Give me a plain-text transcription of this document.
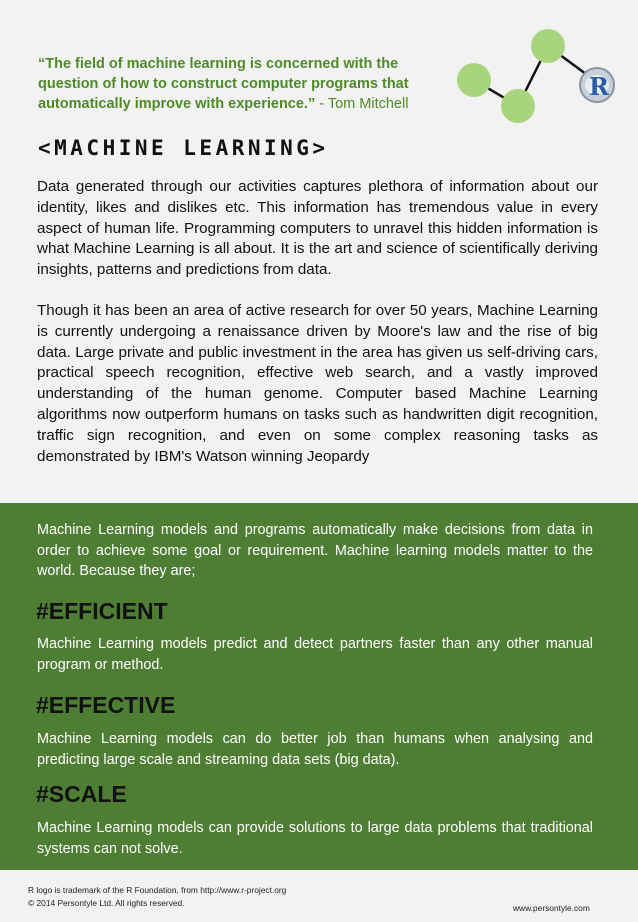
“The field of machine learning is concerned with the question of how to construct computer programs that automatically improve with experience.” - Tom Mitchell
R
<MACHINE LEARNING>
Data generated through our activities captures plethora of information about our identity, likes and dislikes etc. This information has tremendous value in every aspect of human life. Programming computers to unravel this hidden information is what Machine Learning is all about. It is the art and science of scientifically deriving insights, patterns and predictions from data.
Though it has been an area of active research for over 50 years, Machine Learning is currently undergoing a renaissance driven by Moore's law and the rise of big data. Large private and public investment in the area has given us self-driving cars, practical speech recognition, effective web search, and a vastly improved understanding of the human genome. Computer based Machine Learning algorithms now outperform humans on tasks such as handwritten digit recognition, traffic sign recognition, and even on some complex reasoning tasks as demonstrated by IBM's Watson winning Jeopardy
Machine Learning models and programs automatically make decisions from data in order to achieve some goal or requirement. Machine learning models matter to the world. Because they are;
#EFFICIENT
Machine Learning models predict and detect partners faster than any other manual program or method.
#EFFECTIVE
Machine Learning models can do better job than humans when analysing and predicting large scale and streaming data sets (big data).
#SCALE
Machine Learning models can provide solutions to large data problems that traditional systems can not solve.
R logo is trademark of the R Foundation, from http://www.r-project.org
© 2014 Persontyle Ltd. All rights reserved.	www.persontyle.com
